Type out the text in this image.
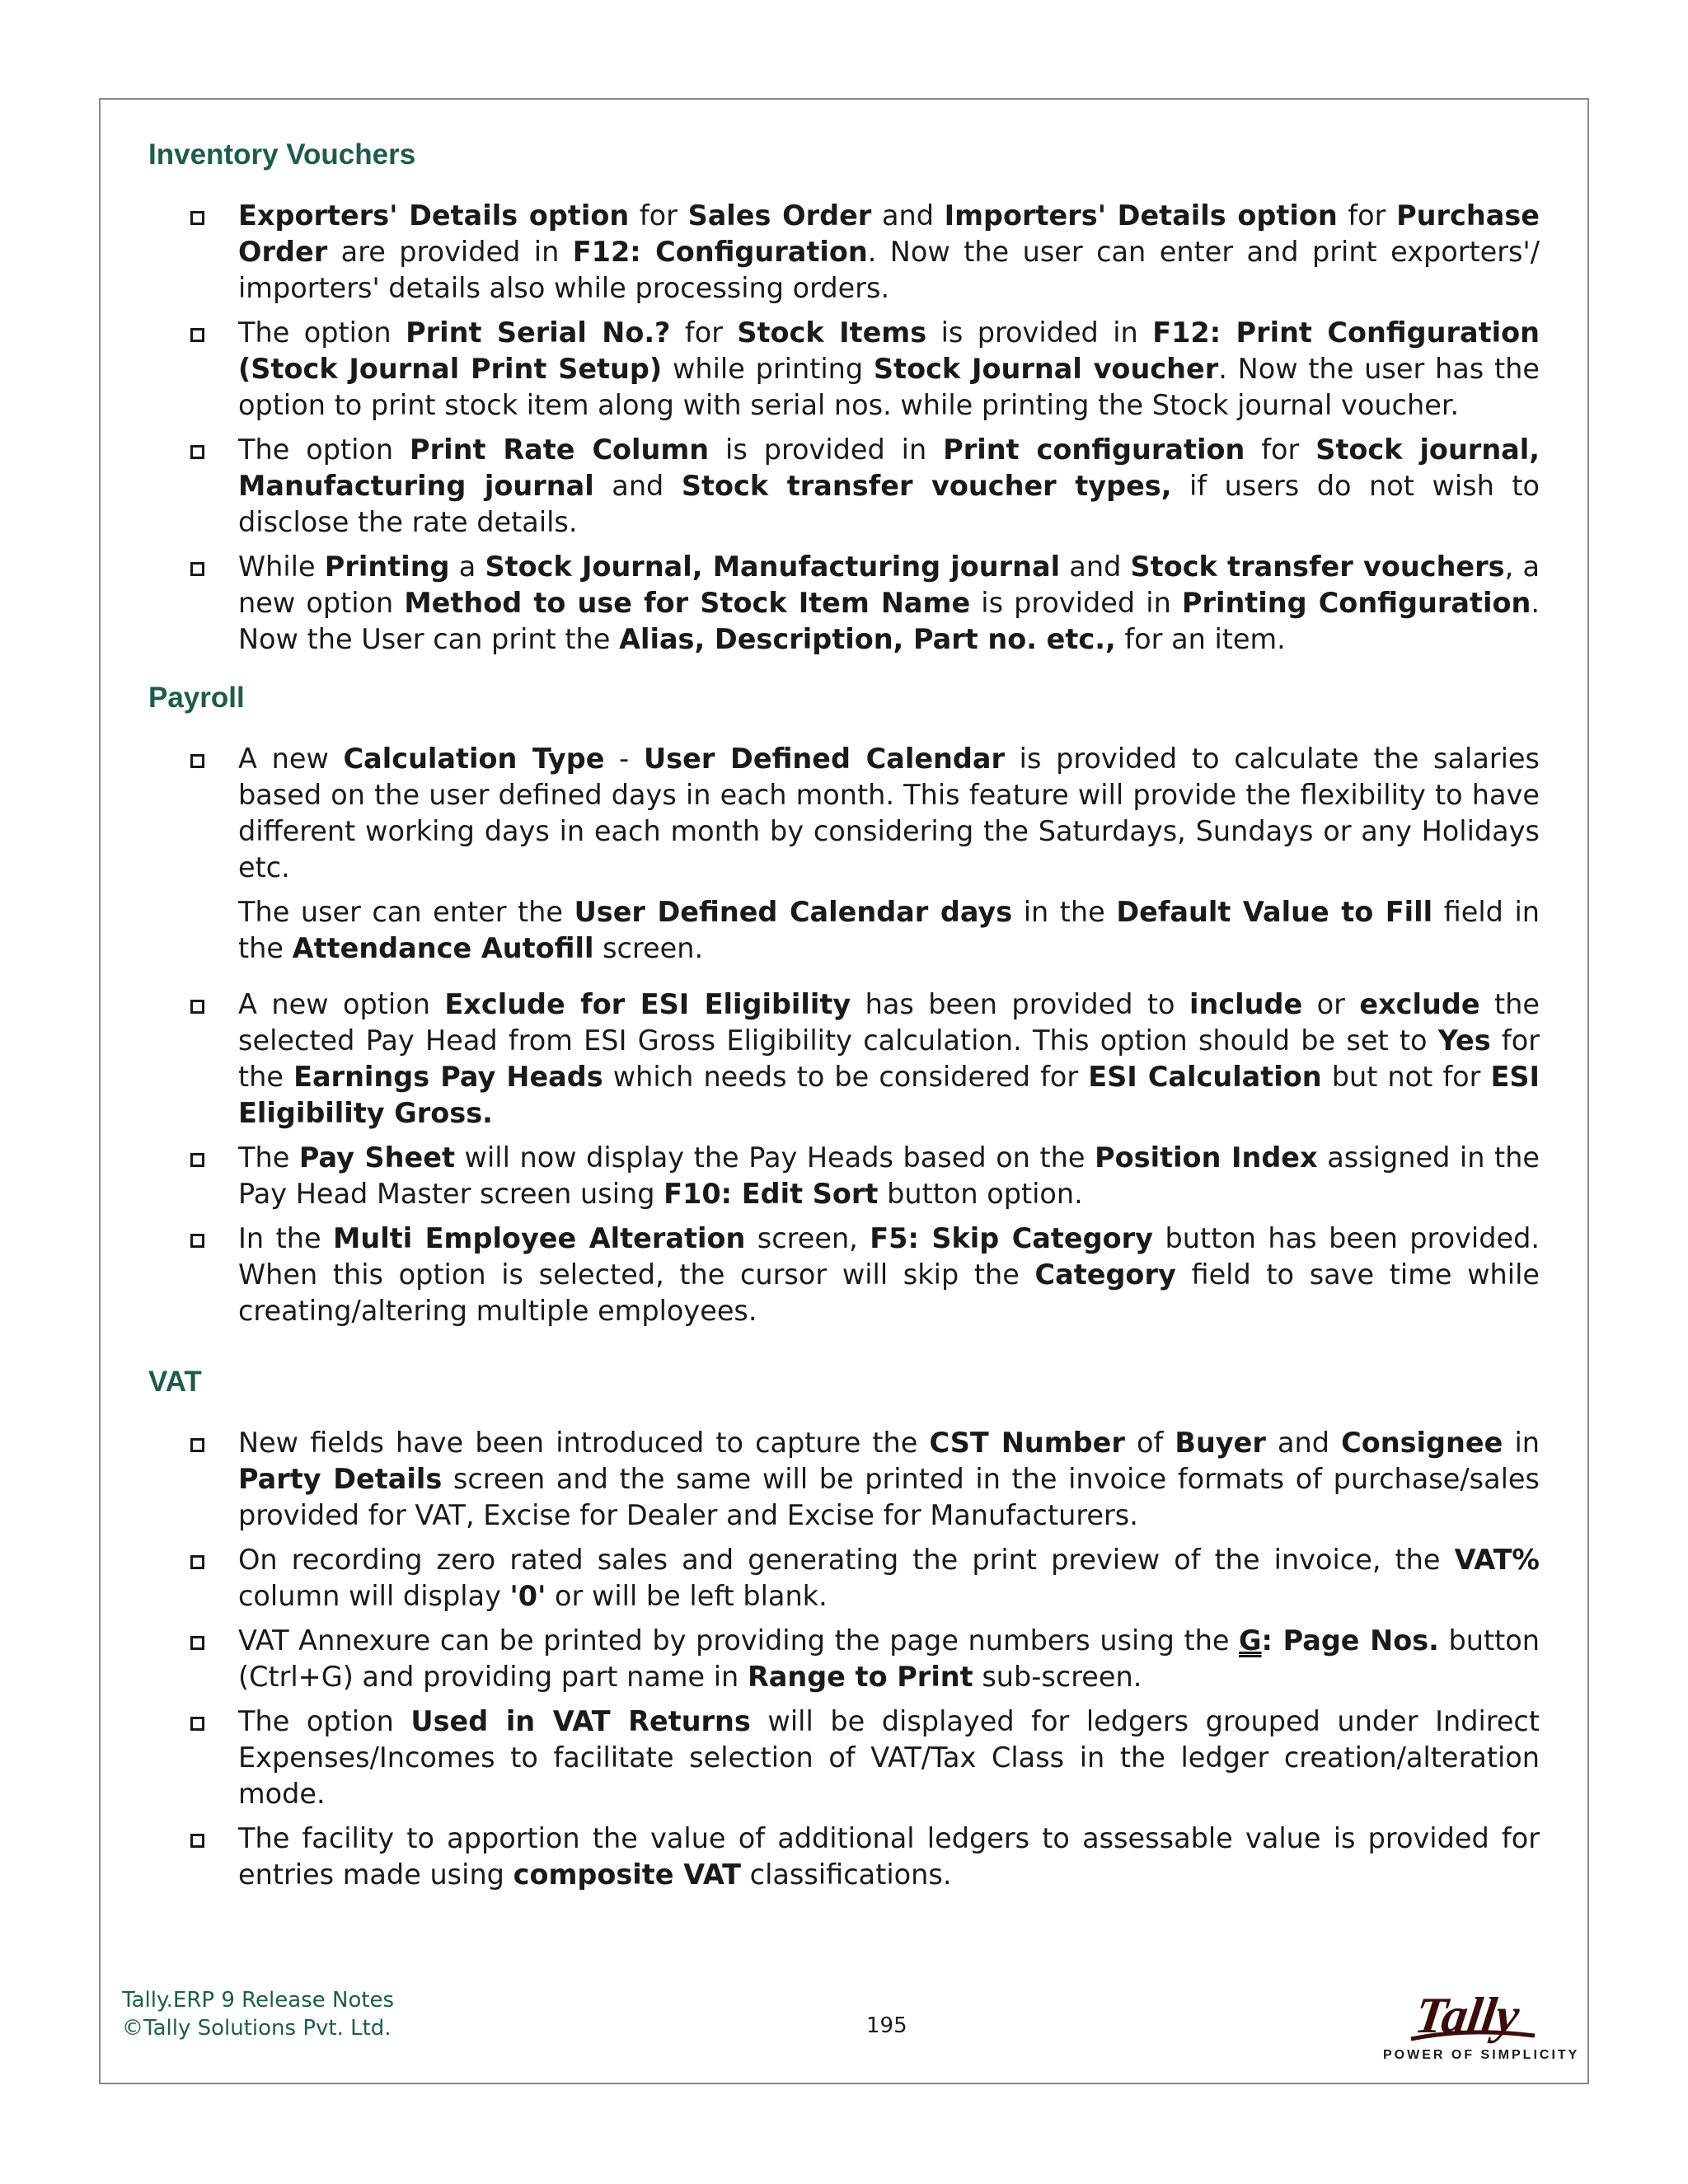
Inventory Vouchers
Exporters' Details option for Sales Order and Importers' Details option for Purchase Order are provided in F12: Configuration. Now the user can enter and print exporters'/ importers' details also while processing orders.
The option Print Serial No.? for Stock Items is provided in F12: Print Configuration (Stock Journal Print Setup) while printing Stock Journal voucher. Now the user has the option to print stock item along with serial nos. while printing the Stock journal voucher.
The option Print Rate Column is provided in Print configuration for Stock journal, Manufacturing journal and Stock transfer voucher types, if users do not wish to disclose the rate details.
While Printing a Stock Journal, Manufacturing journal and Stock transfer vouchers, a new option Method to use for Stock Item Name is provided in Printing Configuration. Now the User can print the Alias, Description, Part no. etc., for an item.
Payroll
A new Calculation Type - User Defined Calendar is provided to calculate the salaries based on the user defined days in each month. This feature will provide the flexibility to have different working days in each month by considering the Saturdays, Sundays or any Holidays etc.
The user can enter the User Defined Calendar days in the Default Value to Fill field in the Attendance Autofill screen.
A new option Exclude for ESI Eligibility has been provided to include or exclude the selected Pay Head from ESI Gross Eligibility calculation. This option should be set to Yes for the Earnings Pay Heads which needs to be considered for ESI Calculation but not for ESI Eligibility Gross.
The Pay Sheet will now display the Pay Heads based on the Position Index assigned in the Pay Head Master screen using F10: Edit Sort button option.
In the Multi Employee Alteration screen, F5: Skip Category button has been provided. When this option is selected, the cursor will skip the Category field to save time while creating/altering multiple employees.
VAT
New fields have been introduced to capture the CST Number of Buyer and Consignee in Party Details screen and the same will be printed in the invoice formats of purchase/sales provided for VAT, Excise for Dealer and Excise for Manufacturers.
On recording zero rated sales and generating the print preview of the invoice, the VAT% column will display '0' or will be left blank.
VAT Annexure can be printed by providing the page numbers using the G: Page Nos. button (Ctrl+G) and providing part name in Range to Print sub-screen.
The option Used in VAT Returns will be displayed for ledgers grouped under Indirect Expenses/Incomes to facilitate selection of VAT/Tax Class in the ledger creation/alteration mode.
The facility to apportion the value of additional ledgers to assessable value is provided for entries made using composite VAT classifications.
Tally.ERP 9 Release Notes
©Tally Solutions Pvt. Ltd.	195	Tally
POWER OF SIMPLICITY
